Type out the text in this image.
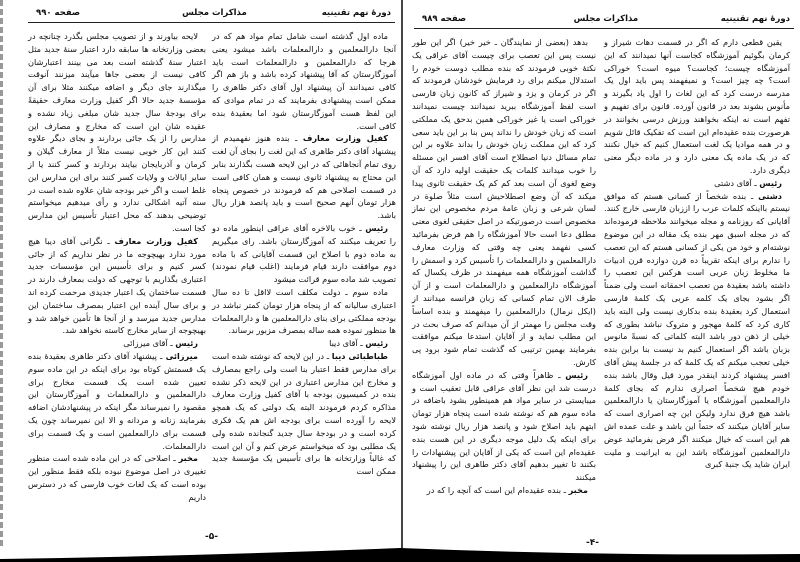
دورهٔ نهم تقنینیه
مذاکرات مجلس
صفحه ۹۹۰

ماده اول گذشته است شامل تمام مواد هم که در آنجا دارالمعلمین و دارالمعلمات باشد میشود یعنی هرجا که دارالمعلمین و دارالمعلمات است باید آموزگارستان که آقا پیشنهاد کرده باشد و باز هم اگر کافی نمیدانند آن پیشنهاد اول آقای دکتر طاهری را ممکن است پیشنهادی بفرمایند که در تمام موادی که این لفظ هست آموزگارستان شود اما بعقیدهٔ بنده کافی است.

کفیل وزارت معارف ـ بنده هنوز نفهمیدم از پیشنهاد آقای دکتر طاهری که این لغت را بجای آن لغت روی تمام آنجاهائی که در این لایحه هست بگذارند بنابر این محتاج به پیشنهاد ثانوی نیست و همان کافی است در قسمت اصلاحی هم که فرمودند در خصوص پنجاه هزار تومان آنهم صحیح است و باید پانصد هزار ریال باشد.

رئیس ـ خوب بالاخره آقای عراقی اینطور ماده دو را تعریف میکنند که آموزگارستان باشد. رای میگیریم به ماده دوم با اصلاح این قسمت آقایانی که با ماده دوم موافقت دارند قیام فرمایند (اغلب قیام نمودند) تصویب شد ماده سوم قرائت میشود

ماده سوم ـ دولت مکلف است لااقل تا ده سال اعتباری سالیانه که از پنجاه هزار تومان کمتر نباشد در بودجه مملکتی برای بنای دارالمعلمین ها و دارالمعلمات ها منظور نموده همه ساله بمصرف مزبور برساند.

رئیس ـ آقای دیبا

طباطبائی دیبا ـ در این لایحه که نوشته شده است برای مدارس فقط اعتبار بنا است ولی راجع بمصارف و مخارج این مدارس اعتباری در این لایحه ذکر نشده بنده در کمیسیون بودجه با آقای کفیل وزارت معارف مذاکره کردم فرمودند البته یک دولتی که یک همچو لایحه را آورده است برای بودجه اش هم یک فکری کرده است و در بودجهٔ سال جدید گنجانده شده ولی یک مطلبی بود که میخواستم عرض کنم و آن این است که غالباً وزارتخانه ها برای تأسیس یک مؤسسهٔ جدید ممکن است

لایحه بیاورند و از تصویب مجلس بگذرد چنانچه در بعضی وزارتخانه ها سابقه دارد اعتبار سنهٔ جدید مثل اعتبار سنهٔ گذشته است بعد می بینند اعتبارشان کافی نیست از بعضی جاها میآیند میزنند آنوقت میگذارند جای دیگر و اضافه میکنند مثلا برای آن مؤسسهٔ جدید حالا اگر کفیل وزارت معارف حقیقةً برای بودجهٔ سال جدید شان مبلغی زیاد نشده و عقیده شان این است که مخارج و مصارف این مدارس را از یک جائی بردارند و بجای دیگر علاوه کنند این کار خوبی نیست مثلاً از معارف گیلان و کرمان و آذربایجان بیایند بردارند و کسر کنند یا از سایر ایالات و ولایات کسر کنند برای این مدارس این غلط است و اگر خیر بودجه شان علاوه شده است در سنه آتیه اشکالی ندارد و رأی میدهیم میخواستم توضیحی بدهند که محل اعتبار تأسیس این مدارس کجا است.

کفیل وزارت معارف ـ نگرانی آقای دیبا هیچ مورد ندارد بهیچوجه ما در نظر نداریم که از جائی کسر کنیم و برای تأسیس این مؤسسات جدید اعتباری بگذاریم با توجهی که دولت بمعارف دارند در قسمت ساختمان یک اعتبار جدیدی مرحمت کرده اند و برای سال آینده این اعتبار بمصرف ساختمان این مدارس جدید میرسد و از آنجا ها تأمین خواهد شد و بهیچوجه از سایر مخارج کاسته نخواهد شد.

رئیس ـ آقای میرزائی

میرزائی ـ پیشنهاد آقای دکتر طاهری بعقیدهٔ بنده یک قسمتش کوتاه بود برای اینکه در این ماده سوم تعیین شده است یک قسمت مخارج برای دارالمعلمین و دارالمعلمات و آموزگارستان این مقصود را نمیرساند مگر اینکه در پیشنهادشان اضافه بفرمایند زنانه و مردانه و الا این نمیرساند چون یک قسمت برای دارالمعلمین است و یک قسمت برای دارالمعلمات.

مخبر ـ اصلاحی که در این ماده شده است منظور تغییری در اصل موضوع نبوده بلکه فقط منظور این بوده است که یک لغات خوب فارسی که در دسترس داریم

-۵-
دورهٔ نهم تقنینیه
مذاکرات مجلس
صفحه ۹۸۹

یقین قطعی دارم که اگر در قسمت دهات شیراز و کرمان بگوئیم آموزشگاه کجاست آنها نمیدانند که این آموزشگاه چیست؛ کجاست؟ میوه است؟ خوراکی است؟ چه چیز است؟ و نمیفهمند پس باید اول یک مدرسه درست کرد که این لغات را اول یاد بگیرند و مأنوس بشوند بعد در قانون آورده. قانون برای تفهیم و تفهم است نه اینکه بخواهند ورزش درسی بخوانند در هرصورت بنده عقیده‌ام این است که تفکیک قائل شویم و در همه موادیا یک لغت استعمال کنیم که خیال نکنند که در یک ماده یک معنی دارد و در ماده دیگر معنی دیگری دارد.

رئیس ـ آقای دشتی

دشتی ـ بنده شخصاً از کسانی هستم که موافق نیستم بااینکه کلمات عرب را اززبان فارسی خارج کنند. آقایانی که روزنامه و مجله میخوانند ملاحظه فرموده‌اند که در مجله اسبق مهر بنده یک مقاله در این موضوع نوشته‌ام و خود من یکی از کسانی هستم که این تعصب را ندارم برای اینکه تقریباً ده قرن دوازده قرن ادبیات ما مخلوط زبان عربی است هرکس این تعصب را داشته باشد بعقیدهٔ من تعصب احمقانه است ولی ضمناً اگر بشود بجای یک کلمه عربی یک کلمهٔ فارسی استعمال کرد بعقیدهٔ بنده بدکاری نیست ولی البته باید کاری کرد که کلمهٔ مهجور و متروک نباشد بطوری که خیلی از ذهن دور باشد البته کلماتی که نسبةً مانوس بزبان باشد اگر استعمال کنیم بد نیست بنا براین بنده خیلی تعجب میکنم که یک کلمهٔ که در جلسهٔ پیش آقای افسر پیشنهاد کردند اینقدر مورد قیل وقال باشد بنده خودم هیچ شخصاً اصراری ندارم که بجای کلمهٔ دارالمعلمین آموزشگاه یا آموزگارستان یا دارالمعلمین باشد هیچ فرق ندارد ولیکن این چه اصراری است که سایر آقایان میکنند که حتماً این باشد و علت عمده اش هم این است که خیال میکنند اگر فرض بفرمائید عوض دارالمعلمین آموزشگاه باشد این به ایرانیت و ملیت ایران شاید یک جنبهٔ کبری

بدهد (بعضی از نمایندگان ـ خیر خیر) اگر این طور نیست پس این تعصب برای چیست آقای عراقی یک نکتهٔ خوبی فرمودند که بنده مطلب دوست خودم را استدلال میکنم برای رد فرمایش خودشان فرمودند که اگر در کرمان و یزد و شیراز که کانون زبان فارسی است لفظ آموزشگاه ببرید نمیدانند چیست نمیدانند خوراکی است یا غیر خوراکی همین بدحق یک مملکتی است که زبان خودش را نداند پس بنا بر این باید سعی کرد که این مملکت زبان خودش را بداند علاوه بر این تمام مسائل دنیا اصطلاح است آقای افسر این مسئله را خوب میدانند کلمات یک حقیقت اولیه دارد که آن وضع لغوی آن است بعد کم کم یک حقیقت ثانوی پیدا میکند که آن وضع اصطلاحیش است مثلاً صلوة در لسان شرعی و زبان عامهٔ مردم مخصوص این نماز مخصوص است درصورتیکه در اصل حقیقی لغوی معنی مطلق دعا است حالا آموزشگاه را هم فرض بفرمائید کسی نفهمد یعنی چه وقتی که وزارت معارف دارالمعلمین و دارالمعلمات را تأسیس کرد و اسمش را گذاشت آموزشگاه همه میفهمند در ظرف یکسال که آموزشگاه دارالمعلمین و دارالمعلمات است و از آن طرف الان تمام کسانی که زبان فرانسه میدانند از (ایکل نرمال) دارالمعلمین را میفهمند و بنده اساساً وقت مجلس را مهمتر از آن میدانم که صرف بحث در این مطلب نماید و از آقایان استدعا میکنم موافقت بفرمایند بهمین ترتیبی که گذشت تمام شود برود پی کارش.

رئیس ـ ظاهراً وقتی که در ماده اول آموزشگاه درست شد این نظر آقای عراقی قابل تعقیب است و میبایستی در سایر مواد هم همینطور بشود باضافه در ماده سوم هم که نوشته شده است پنجاه هزار تومان ابتهم باید اصلاح شود و پانصد هزار ریال نوشته شود برای اینکه یک دلیل موجه دیگری در این هست بنده عقیده‌ام این است که یکی از آقایان این پیشنهادات را بکنند تا تغییر بدهیم آقای دکتر طاهری این را پیشنهاد میکنند

مخبر ـ بنده عقیده‌ام این است که آنچه را که در

-۴-
